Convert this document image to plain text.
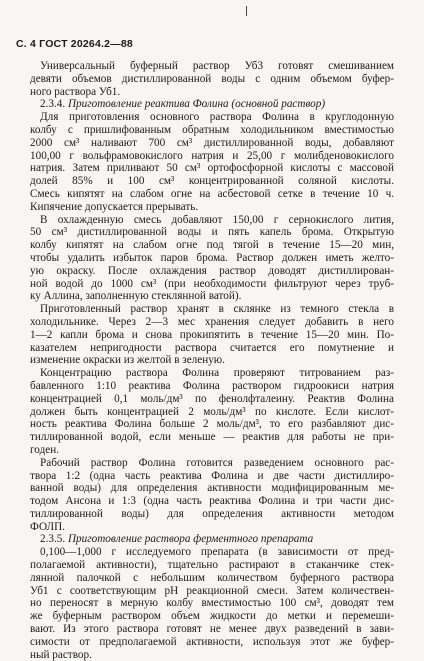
С. 4 ГОСТ 20264.2—88
Универсальный буферный раствор Уб3 готовят смешиванием
девяти объемов дистиллированной воды с одним объемом буфер-
ного раствора Уб1.
2.3.4. Приготовление реактива Фолина (основной раствор)
Для приготовления основного раствора Фолина в круглодонную
колбу с пришлифованным обратным холодильником вместимостью
2000 см³ наливают 700 см³ дистиллированной воды, добавляют
100,00 г вольфрамовокислого натрия и 25,00 г молибденовокислого
натрия. Затем приливают 50 см³ ортофосфорной кислоты с массовой
долей 85% и 100 см³ концентрированной соляной кислоты.
Смесь кипятят на слабом огне на асбестовой сетке в течение 10 ч.
Кипячение допускается прерывать.
В охлажденную смесь добавляют 150,00 г сернокислого лития,
50 см³ дистиллированной воды и пять капель брома. Открытую
колбу кипятят на слабом огне под тягой в течение 15—20 мин,
чтобы удалить избыток паров брома. Раствор должен иметь желто-
ую окраску. После охлаждения раствор доводят дистиллирован-
ной водой до 1000 см³ (при необходимости фильтруют через труб-
ку Аллина, заполненную стеклянной ватой).
Приготовленный раствор хранят в склянке из темного стекла в
холодильнике. Через 2—3 мес хранения следует добавить в него
1—2 капли брома и снова прокипятить в течение 15—20 мин. По-
казателем непригодности раствора считается его помутнение и
изменение окраски из желтой в зеленую.
Концентрацию раствора Фолина проверяют титрованием раз-
бавленного 1:10 реактива Фолина раствором гидроокиси натрия
концентрацией 0,1 моль/дм³ по фенолфталеину. Реактив Фолина
должен быть концентрацией 2 моль/дм³ по кислоте. Если кислот-
ность реактива Фолина больше 2 моль/дм³, то его разбавляют дис-
тиллированной водой, если меньше — реактив для работы не при-
годен.
Рабочий раствор Фолина готовится разведением основного рас-
твора 1:2 (одна часть реактива Фолина и две части дистиллиро-
ванной воды) для определения активности модифицированным ме-
тодом Ансона и 1:3 (одна часть реактива Фолина и три части дис-
тиллированной воды) для определения активности методом
ФОЛП.
2.3.5. Приготовление раствора ферментного препарата
0,100—1,000 г исследуемого препарата (в зависимости от пред-
полагаемой активности), тщательно растирают в стаканчике стек-
лянной палочкой с небольшим количеством буферного раствора
Уб1 с соответствующим pH реакционной смеси. Затем количествен-
но переносят в мерную колбу вместимостью 100 см³, доводят тем
же буферным раствором объем жидкости до метки и перемеши-
вают. Из этого раствора готовят не менее двух разведений в зави-
симости от предполагаемой активности, используя этот же буфер-
ный раствор.
